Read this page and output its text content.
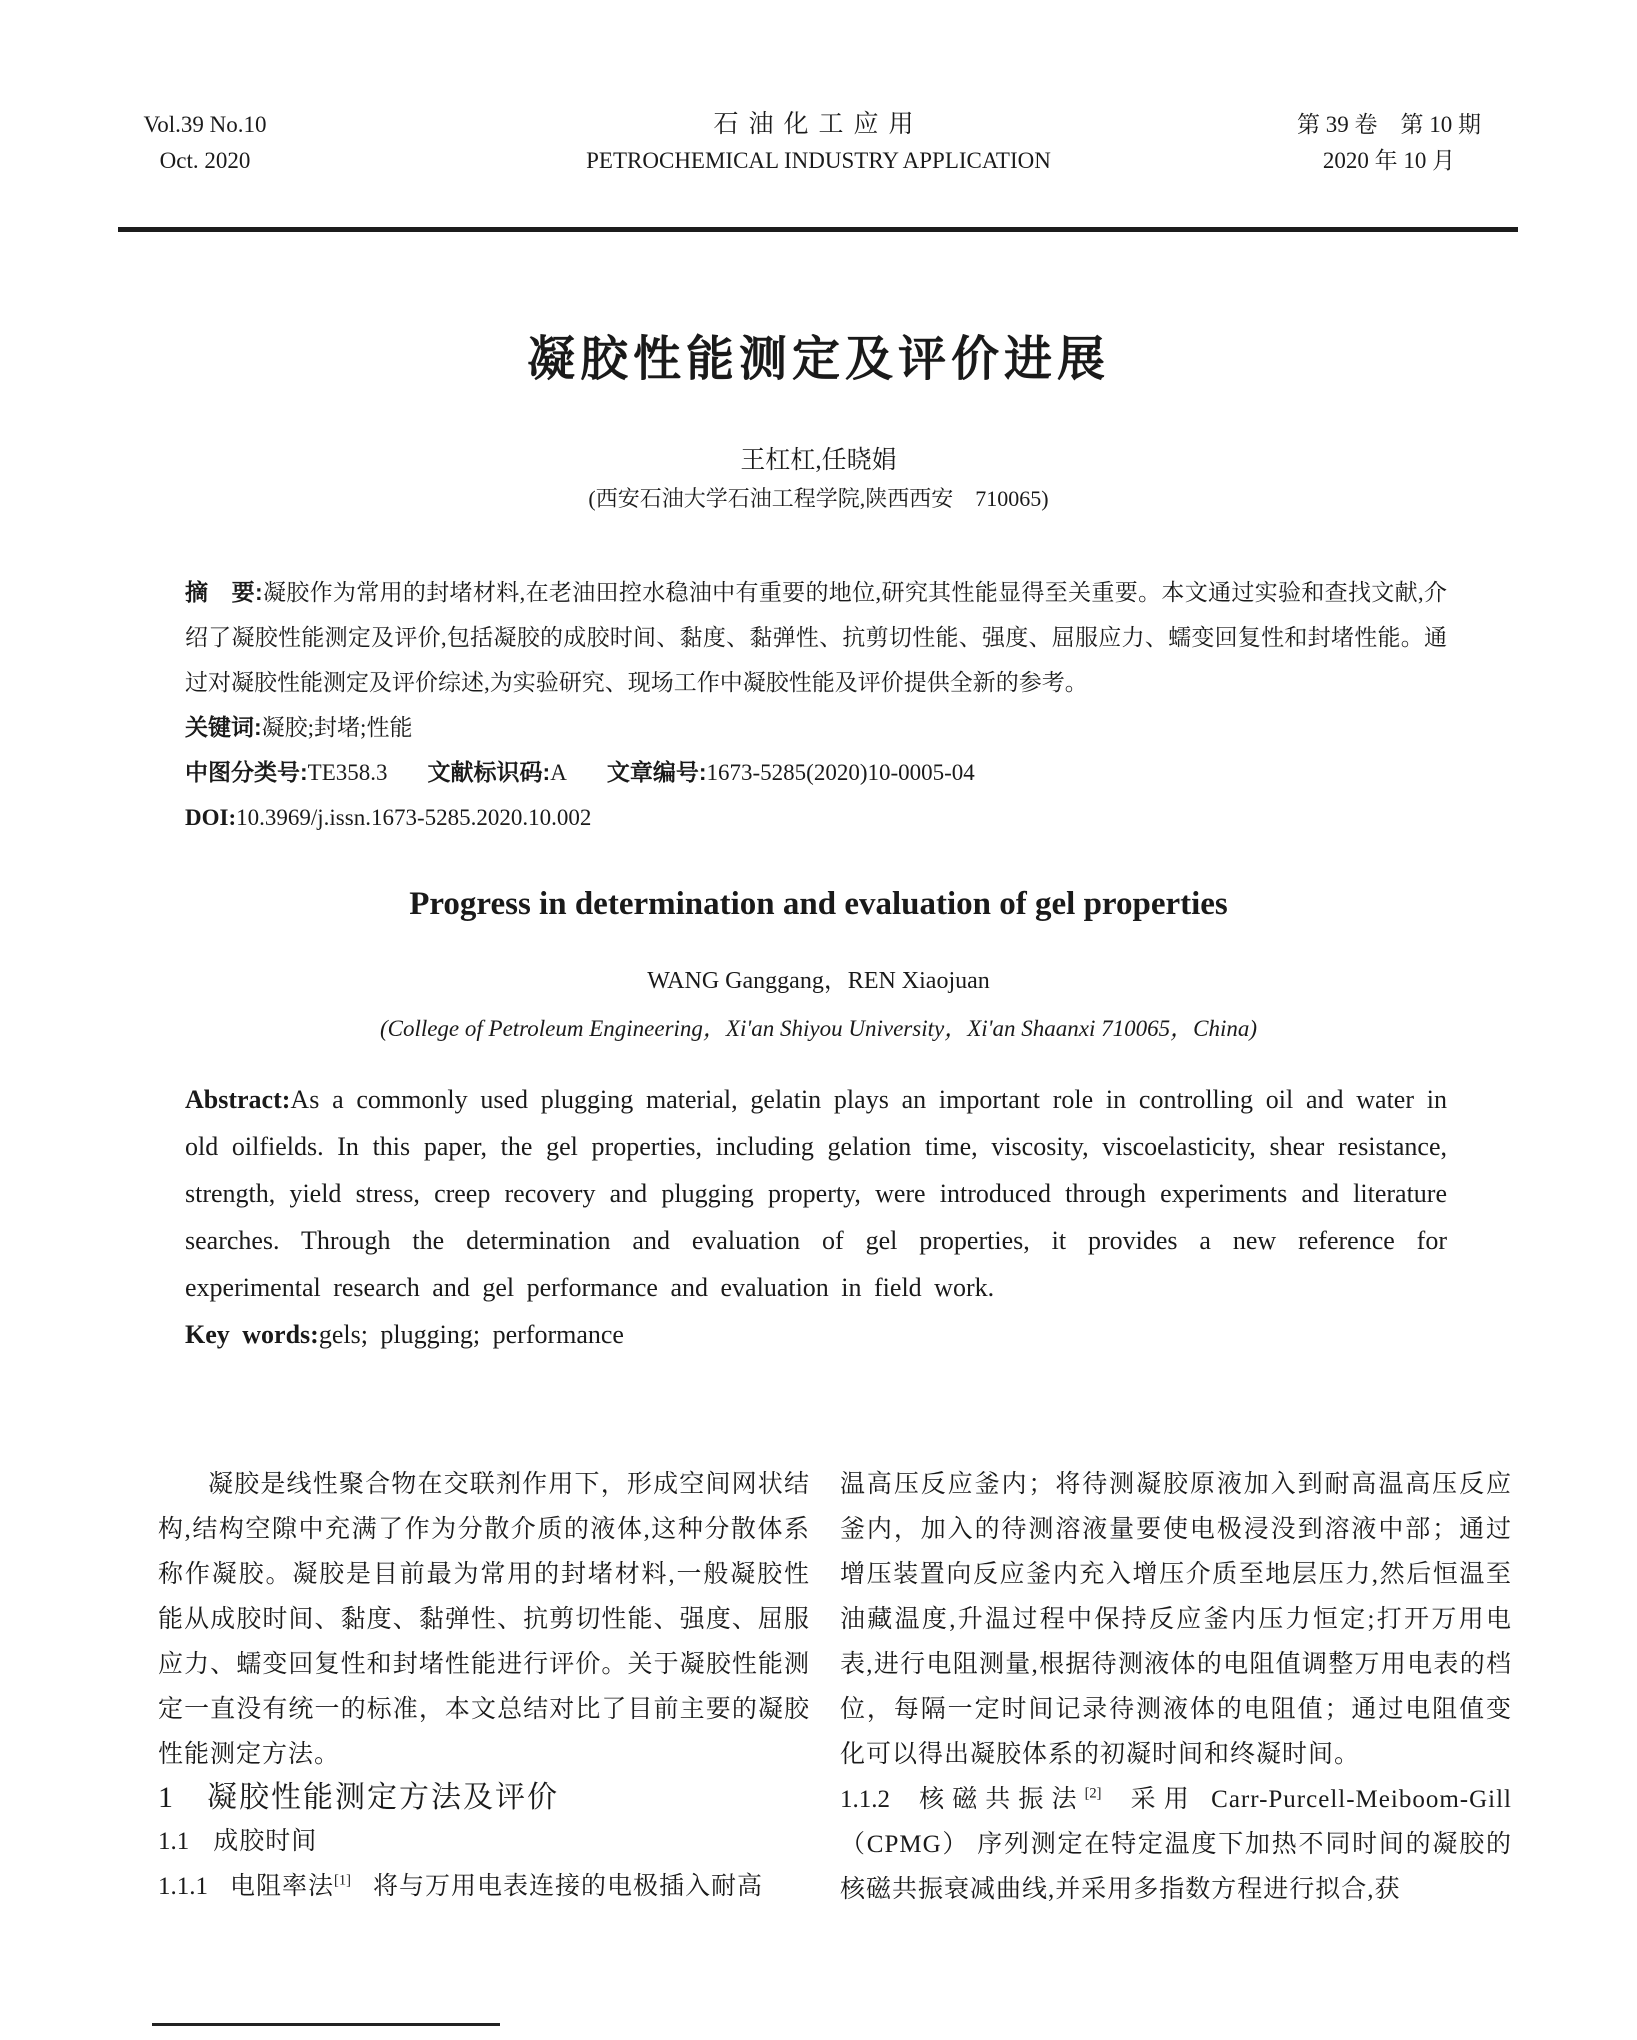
Vol.39 No.10
Oct. 2020
石油化工应用
PETROCHEMICAL INDUSTRY APPLICATION
第 39 卷　第 10 期
2020 年 10 月
凝胶性能测定及评价进展
王杠杠,任晓娟
(西安石油大学石油工程学院,陕西西安　710065)

摘　要:凝胶作为常用的封堵材料,在老油田控水稳油中有重要的地位,研究其性能显得至关重要。本文通过实验和查找文献,介绍了凝胶性能测定及评价,包括凝胶的成胶时间、黏度、黏弹性、抗剪切性能、强度、屈服应力、蠕变回复性和封堵性能。通过对凝胶性能测定及评价综述,为实验研究、现场工作中凝胶性能及评价提供全新的参考。

关键词:凝胶;封堵;性能

中图分类号:TE358.3 文献标识码:A 文章编号:1673-5285(2020)10-0005-04

DOI:10.3969/j.issn.1673-5285.2020.10.002

Progress in determination and evaluation of gel properties
WANG Ganggang，REN Xiaojuan
(College of Petroleum Engineering，Xi'an Shiyou University，Xi'an Shaanxi 710065，China)

Abstract:As a commonly used plugging material, gelatin plays an important role in controlling oil and water in old oilfields. In this paper, the gel properties, including gelation time, viscosity, viscoelasticity, shear resistance, strength, yield stress, creep recovery and plugging property, were introduced through experiments and literature searches. Through the determination and evaluation of gel properties, it provides a new reference for experimental research and gel performance and evaluation in field work.

Key words:gels; plugging; performance

凝胶是线性聚合物在交联剂作用下，形成空间网状结构,结构空隙中充满了作为分散介质的液体,这种分散体系称作凝胶。凝胶是目前最为常用的封堵材料,一般凝胶性能从成胶时间、黏度、黏弹性、抗剪切性能、强度、屈服应力、蠕变回复性和封堵性能进行评价。关于凝胶性能测定一直没有统一的标准，本文总结对比了目前主要的凝胶性能测定方法。

1 凝胶性能测定方法及评价

1.1 成胶时间

1.1.1 电阻率法[1] 将与万用电表连接的电极插入耐高

温高压反应釜内；将待测凝胶原液加入到耐高温高压反应釜内，加入的待测溶液量要使电极浸没到溶液中部；通过增压装置向反应釜内充入增压介质至地层压力,然后恒温至油藏温度,升温过程中保持反应釜内压力恒定;打开万用电表,进行电阻测量,根据待测液体的电阻值调整万用电表的档位，每隔一定时间记录待测液体的电阻值；通过电阻值变化可以得出凝胶体系的初凝时间和终凝时间。

1.1.2 核磁共振法[2] 采用 Carr-Purcell-Meiboom-Gill（CPMG） 序列测定在特定温度下加热不同时间的凝胶的核磁共振衰减曲线,并采用多指数方程进行拟合,获
